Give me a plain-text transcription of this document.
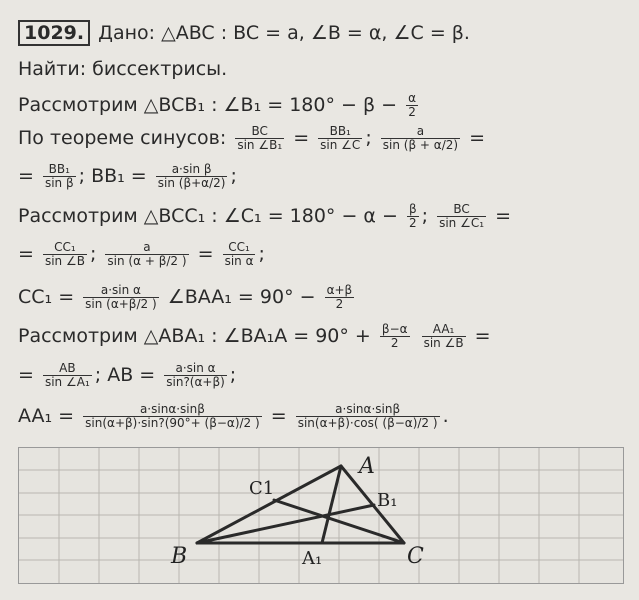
1029. Дано: △ABC : BC = a, ∠B = α, ∠C = β.
Найти: биссектрисы.
Рассмотрим △BCB₁ : ∠B₁ = $180^\circ - \beta - \frac{\alpha}{2}$
По теореме синусов: $\frac{BC}{\text{sin ∠B₁}} = \frac{\text{BB₁}}{\sin \angle C}$ ; $\frac{a}{\sin (\beta + \alpha/2)}$ =
= $\frac{\text{BB₁}}{\text{sin β}}$ ; $BB_1 = \frac{\text{a·sin β}}{\sin (\beta+\alpha/2)}$ ;
Рассмотрим △BCC₁ : ∠C₁ = $180^\circ - \alpha - \frac{\beta}{2}$ ; $\frac{BC}{\text{sin ∠C₁}}$ =
= $\frac{\text{CC₁}}{\sin \angle B}$ ; $\frac{a}{\sin (\alpha + \beta/2 )} = \frac{\text{CC₁}}{\text{sin α}}$ ;
$CC_1 = \frac{\text{a·sin α}}{\sin (\alpha+\beta/2 )}$ ∠BAA₁ = $90^\circ - \frac{\alpha+\beta}{2}$
Рассмотрим △ABA₁ : ∠BA₁A = $90^\circ + \frac{\beta-\alpha}{2}$
$\frac{\text{AA₁}}{\sin \angle B}$ =
= $\frac{AB}{\text{sin ∠A₁}}$ ; AB = $\frac{\text{a·sin α}}{\sin?(\alpha+\beta)}$ ;
$AA_1 = \frac{a\cdot\sin\alpha\cdot\sin\beta}{\sin(\alpha+\beta)\cdot\sin?(90^\circ+ (\beta-\alpha)/2 )} = \frac{a\cdot\sin\alpha\cdot\sin\beta}{\sin(\alpha+\beta)\cdot\cos( (\beta-\alpha)/2 )}$ .
B	C
A
B₁
C1
A₁
